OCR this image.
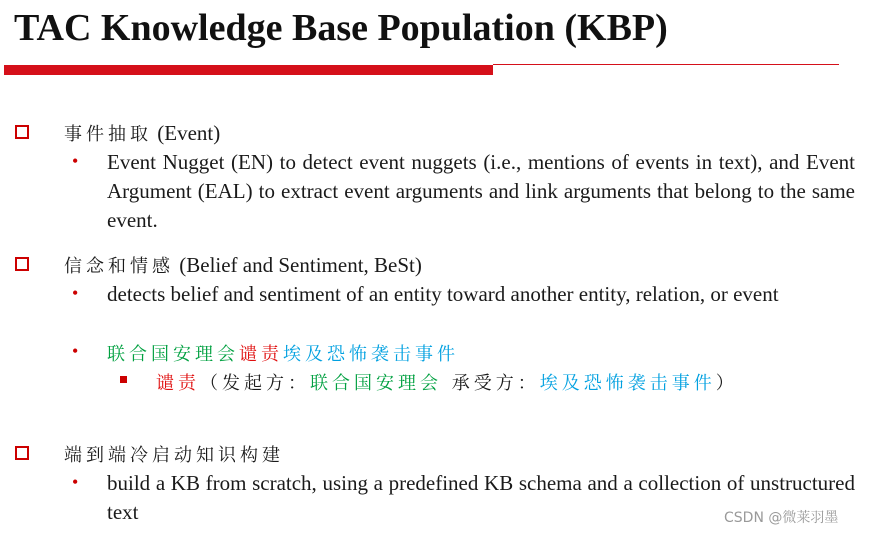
TAC Knowledge Base Population (KBP)
事件抽取 (Event)
• Event Nugget (EN) to detect event nuggets (i.e., mentions of events in text), and Event Argument (EAL) to extract event arguments and link arguments that belong to the same event.
信念和情感 (Belief and Sentiment, BeSt)
• detects belief and sentiment of an entity toward another entity, relation, or event
• 联合国安理会谴责埃及恐怖袭击事件
谴责（发起方：联合国安理会 承受方：埃及恐怖袭击事件）
端到端冷启动知识构建
• build a KB from scratch, using a predefined KB schema and a collection of unstructured text	CSDN @微莱羽墨
